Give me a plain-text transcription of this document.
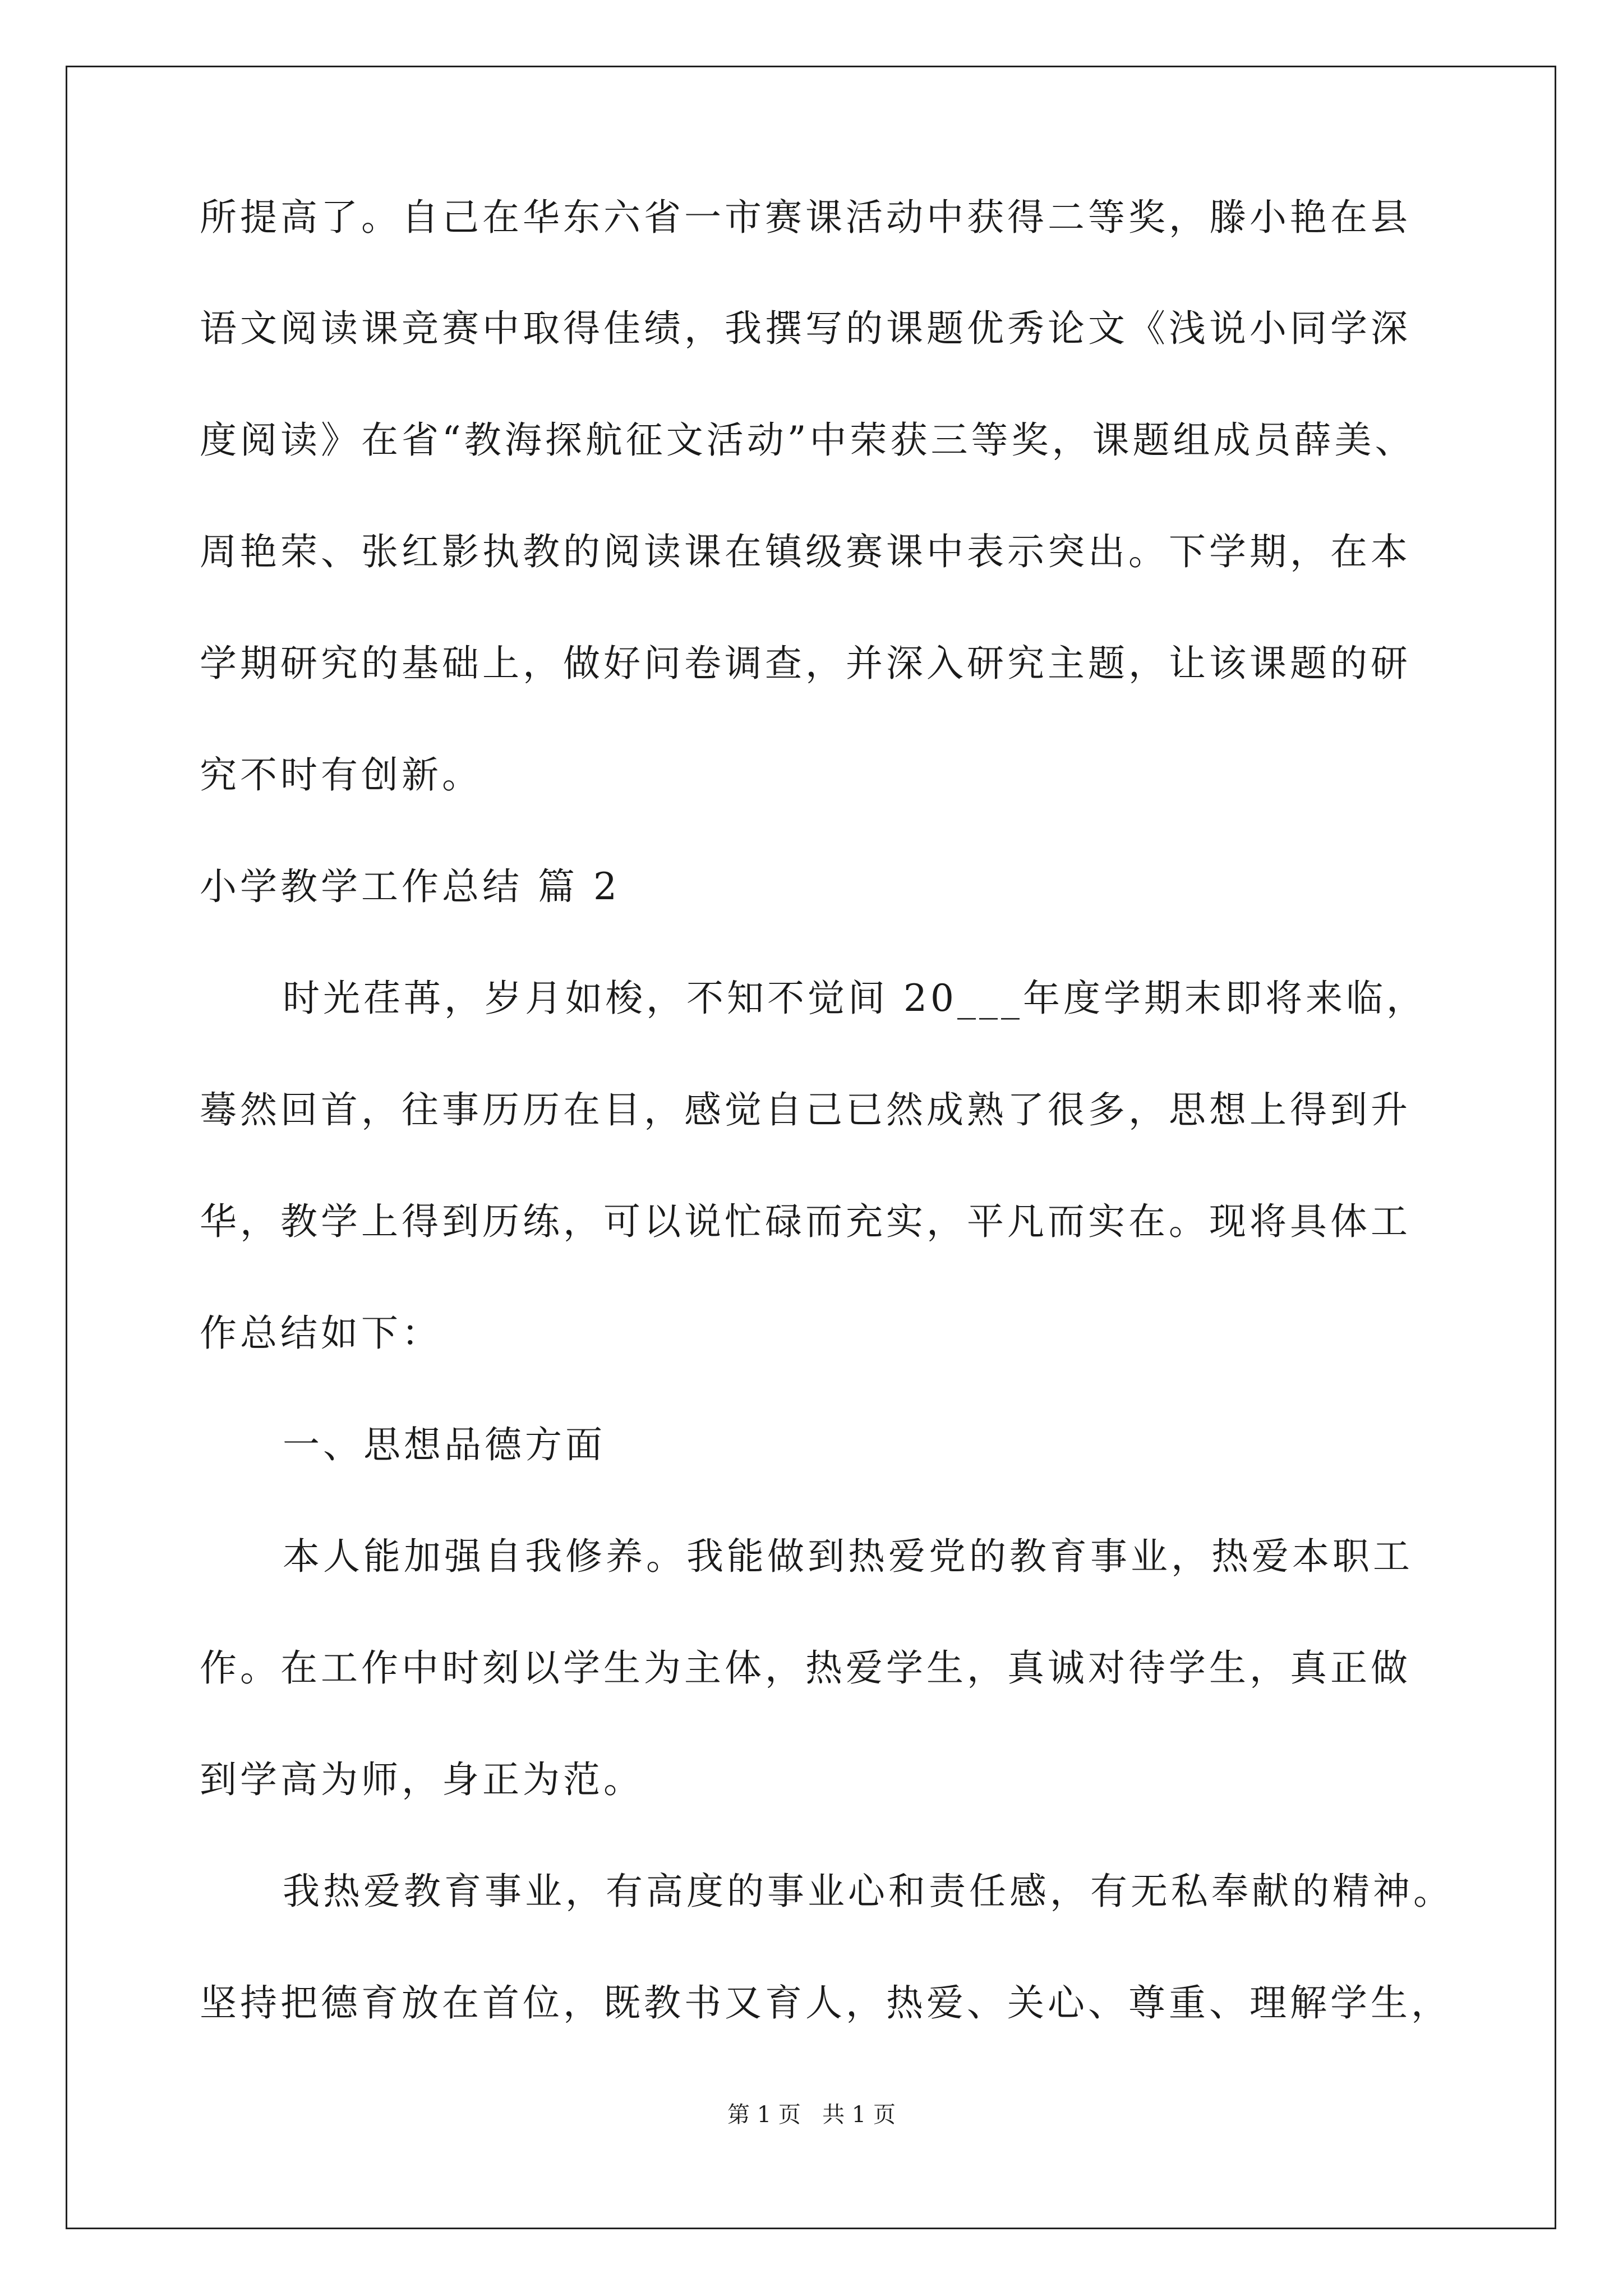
所提高了。自己在华东六省一市赛课活动中获得二等奖，滕小艳在县
语文阅读课竞赛中取得佳绩，我撰写的课题优秀论文《浅说小同学深
度阅读》在省“教海探航征文活动”中荣获三等奖，课题组成员薛美、
周艳荣、张红影执教的阅读课在镇级赛课中表示突出。下学期，在本
学期研究的基础上，做好问卷调查，并深入研究主题，让该课题的研
究不时有创新。
小学教学工作总结 篇 2
时光荏苒，岁月如梭，不知不觉间 20___年度学期末即将来临，
蓦然回首，往事历历在目，感觉自己已然成熟了很多，思想上得到升
华，教学上得到历练，可以说忙碌而充实，平凡而实在。现将具体工
作总结如下：
一、思想品德方面
本人能加强自我修养。我能做到热爱党的教育事业，热爱本职工
作。在工作中时刻以学生为主体，热爱学生，真诚对待学生，真正做
到学高为师，身正为范。
我热爱教育事业，有高度的事业心和责任感，有无私奉献的精神。
坚持把德育放在首位，既教书又育人，热爱、关心、尊重、理解学生，
第 1 页   共 1 页
